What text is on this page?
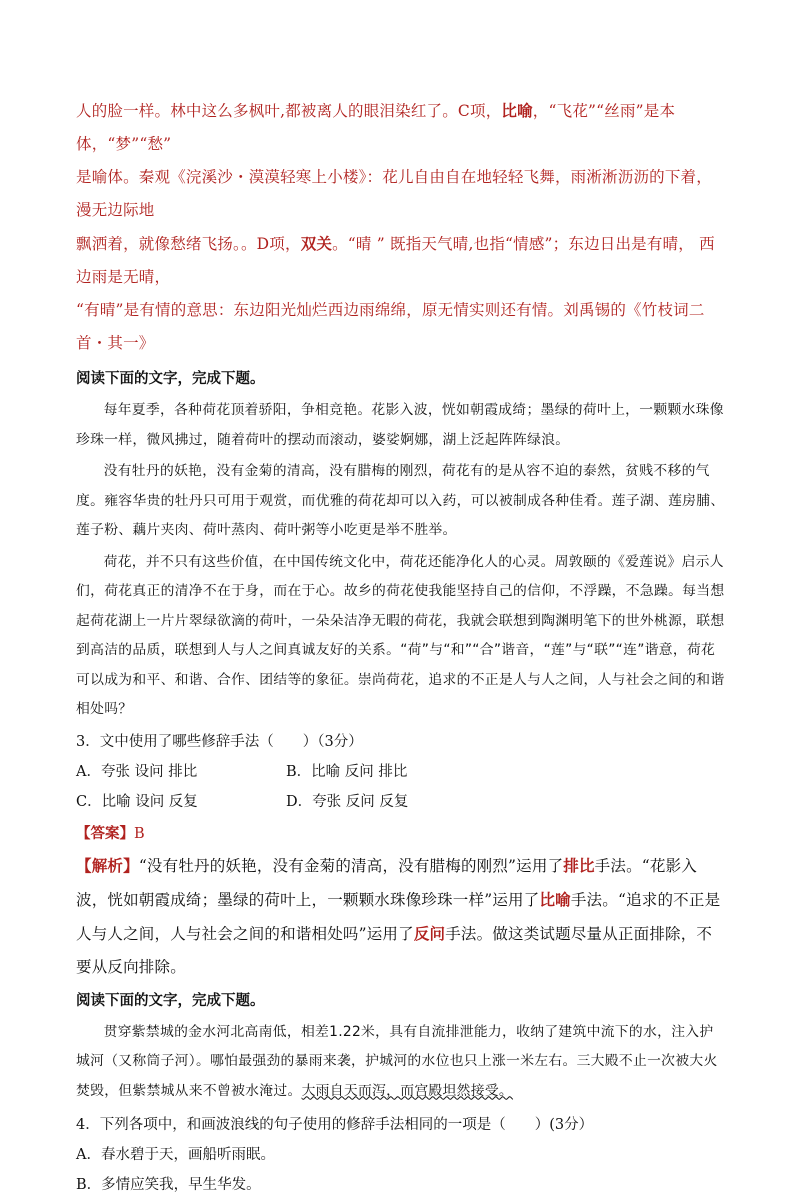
人的脸一样。林中这么多枫叶,都被离人的眼泪染红了。C项，比喻，“飞花”“丝雨”是本体，“梦”“愁”
是喻体。秦观《浣溪沙・漠漠轻寒上小楼》：花儿自由自在地轻轻飞舞，雨淅淅沥沥的下着，漫无边际地
飘洒着，就像愁绪飞扬。。D项，双关。“晴 ” 既指天气晴,也指“情感”；东边日出是有晴， 西边雨是无晴，
“有晴”是有情的意思：东边阳光灿烂西边雨绵绵，原无情实则还有情。刘禹锡的《竹枝词二首・其一》
阅读下面的文字，完成下题。
每年夏季，各种荷花顶着骄阳，争相竞艳。花影入波，恍如朝霞成绮；墨绿的荷叶上，一颗颗水珠像珍珠一样，微风拂过，随着荷叶的摆动而滚动，婆娑婀娜，湖上泛起阵阵绿浪。
没有牡丹的妖艳，没有金菊的清高，没有腊梅的刚烈，荷花有的是从容不迫的泰然，贫贱不移的气度。雍容华贵的牡丹只可用于观赏，而优雅的荷花却可以入药，可以被制成各种佳肴。莲子湖、莲房脯、莲子粉、藕片夹肉、荷叶蒸肉、荷叶粥等小吃更是举不胜举。
荷花，并不只有这些价值，在中国传统文化中，荷花还能净化人的心灵。周敦颐的《爱莲说》启示人们，荷花真正的清净不在于身，而在于心。故乡的荷花使我能坚持自己的信仰，不浮躁，不急躁。每当想起荷花湖上一片片翠绿欲滴的荷叶，一朵朵洁净无暇的荷花，我就会联想到陶渊明笔下的世外桃源，联想到高洁的品质，联想到人与人之间真诚友好的关系。“荷”与“和”“合”谐音，“莲”与“联”“连”谐意，荷花可以成为和平、和谐、合作、团结等的象征。崇尚荷花，追求的不正是人与人之间，人与社会之间的和谐相处吗？
3．文中使用了哪些修辞手法（　　）（3分）
A．夸张 设问 排比	B．比喻 反问 排比
C．比喻 设问 反复	D．夸张 反问 反复
【答案】B
【解析】“没有牡丹的妖艳，没有金菊的清高，没有腊梅的刚烈”运用了排比手法。“花影入波，恍如朝霞成绮；墨绿的荷叶上，一颗颗水珠像珍珠一样”运用了比喻手法。“追求的不正是人与人之间，人与社会之间的和谐相处吗”运用了反问手法。做这类试题尽量从正面排除，不要从反向排除。
阅读下面的文字，完成下题。
贯穿紫禁城的金水河北高南低，相差1.22米，具有自流排泄能力，收纳了建筑中流下的水，注入护城河（又称筒子河）。哪怕最强劲的暴雨来袭，护城河的水位也只上涨一米左右。三大殿不止一次被大火焚毁，但紫禁城从来不曾被水淹过。大雨自天而泻，而宫殿坦然接受。
4．下列各项中，和画波浪线的句子使用的修辞手法相同的一项是（　　）(3分）
A．春水碧于天，画船听雨眠。
B．多情应笑我，早生华发。
